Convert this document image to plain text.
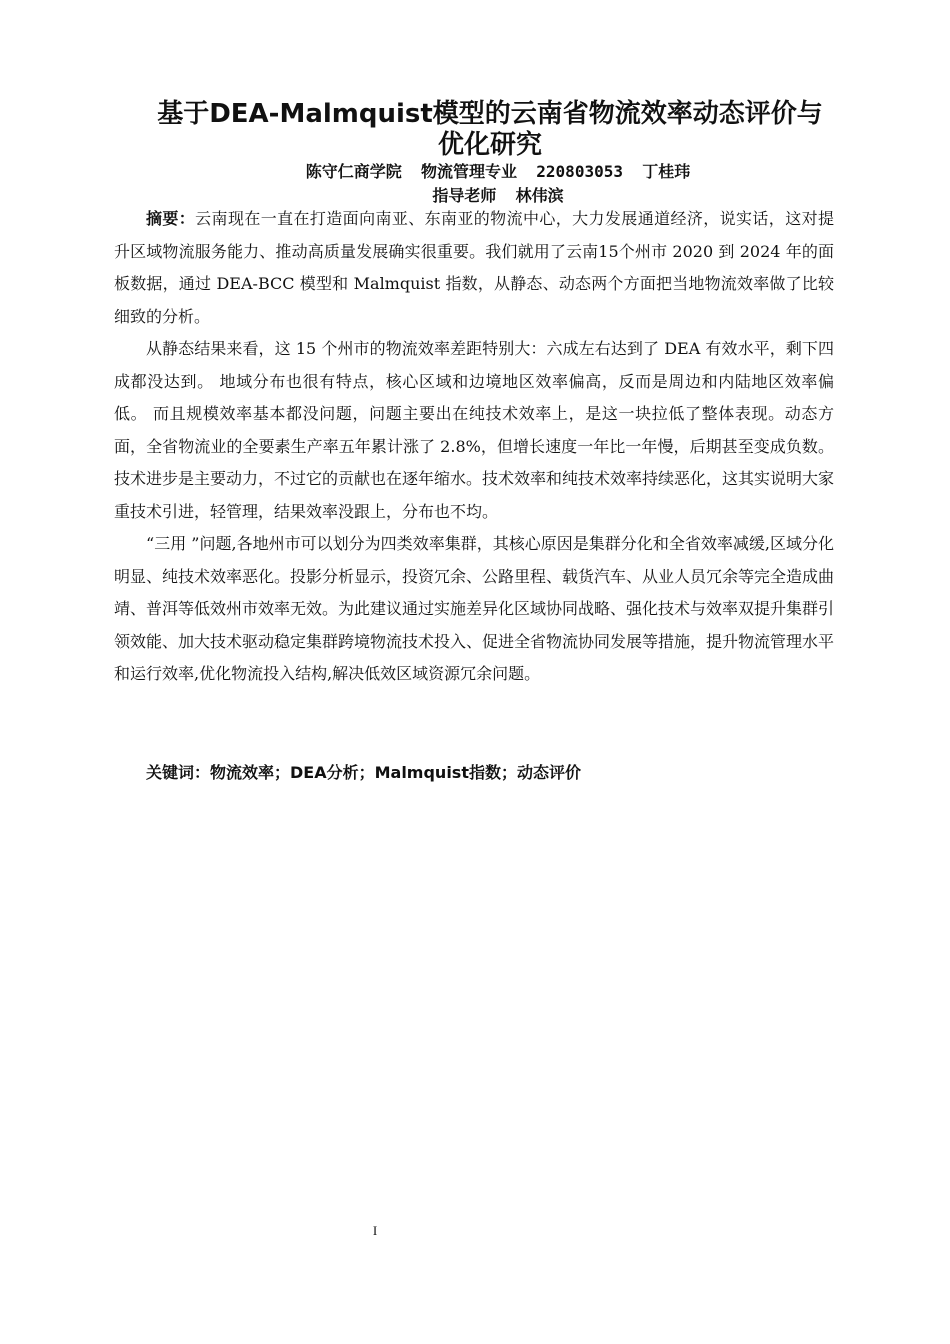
基于DEA-Malmquist模型的云南省物流效率动态评价与
优化研究
陈守仁商学院  物流管理专业  220803053  丁桂玮
指导老师  林伟滨

摘要：云南现在一直在打造面向南亚、东南亚的物流中心，大力发展通道经济，说实话，这对提升区域物流服务能力、推动高质量发展确实很重要。我们就用了云南15个州市 2020 到 2024 年的面板数据，通过 DEA-BCC 模型和 Malmquist 指数，从静态、动态两个方面把当地物流效率做了比较细致的分析。

从静态结果来看，这 15 个州市的物流效率差距特别大：六成左右达到了 DEA 有效水平，剩下四成都没达到。 地域分布也很有特点，核心区域和边境地区效率偏高，反而是周边和内陆地区效率偏低。 而且规模效率基本都没问题，问题主要出在纯技术效率上，是这一块拉低了整体表现。动态方面，全省物流业的全要素生产率五年累计涨了 2.8%，但增长速度一年比一年慢，后期甚至变成负数。技术进步是主要动力，不过它的贡献也在逐年缩水。技术效率和纯技术效率持续恶化，这其实说明大家重技术引进，轻管理，结果效率没跟上，分布也不均。

“三用 ”问题,各地州市可以划分为四类效率集群，其核心原因是集群分化和全省效率减缓,区域分化明显、纯技术效率恶化。投影分析显示，投资冗余、公路里程、载货汽车、从业人员冗余等完全造成曲靖、普洱等低效州市效率无效。为此建议通过实施差异化区域协同战略、强化技术与效率双提升集群引领效能、加大技术驱动稳定集群跨境物流技术投入、促进全省物流协同发展等措施，提升物流管理水平和运行效率,优化物流投入结构,解决低效区域资源冗余问题。

关键词：物流效率；DEA分析；Malmquist指数；动态评价
I
